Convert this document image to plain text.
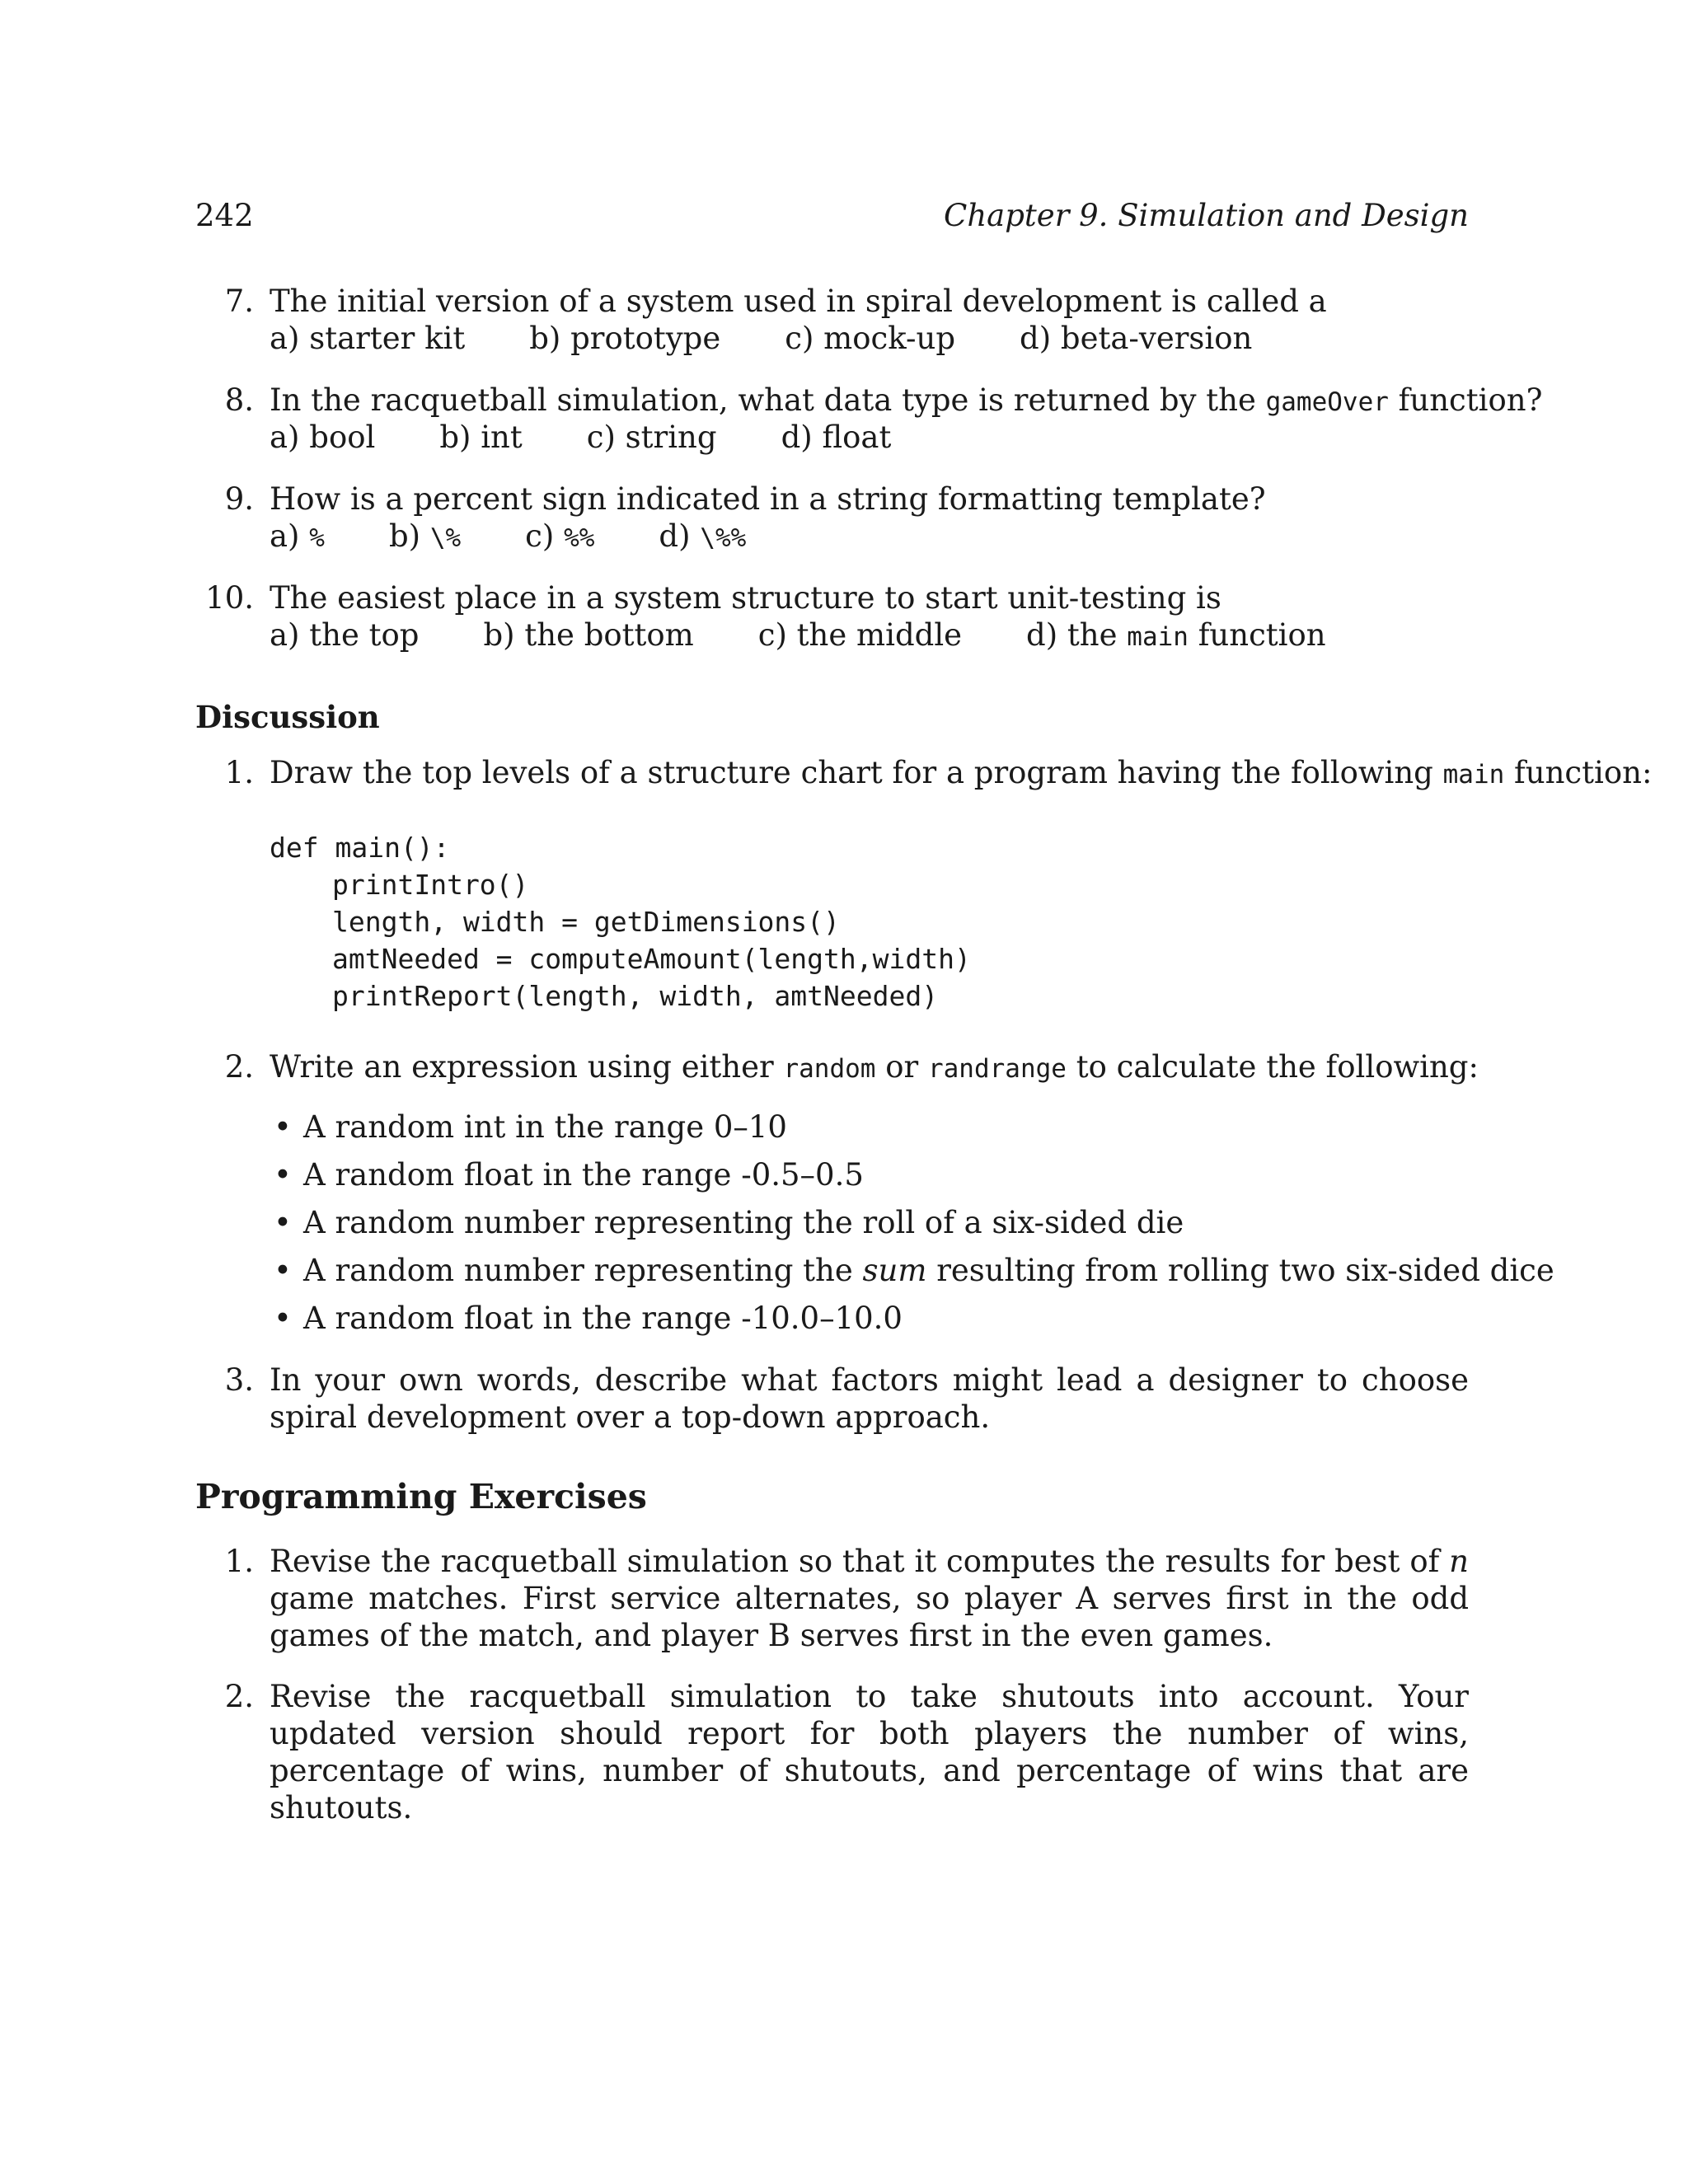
242	Chapter 9. Simulation and Design
7. The initial version of a system used in spiral development is called a
a) starter kit b) prototype c) mock-up d) beta-version
8. In the racquetball simulation, what data type is returned by the gameOver function?
a) bool b) int c) string d) float
9. How is a percent sign indicated in a string formatting template?
a) % b) \% c) %% d) \%%
10. The easiest place in a system structure to start unit-testing is
a) the top b) the bottom c) the middle d) the main function
Discussion
1. Draw the top levels of a structure chart for a program having the following main function:
def main():
printIntro()
length, width = getDimensions()
amtNeeded = computeAmount(length,width)
printReport(length, width, amtNeeded)
2. Write an expression using either random or randrange to calculate the following:
• A random int in the range 0–10
• A random float in the range -0.5–0.5
• A random number representing the roll of a six-sided die
• A random number representing the sum resulting from rolling two six-sided dice
• A random float in the range -10.0–10.0
3. In your own words, describe what factors might lead a designer to choose spiral development over a top-down approach.
Programming Exercises
1. Revise the racquetball simulation so that it computes the results for best of n game matches. First service alternates, so player A serves first in the odd games of the match, and player B serves first in the even games.
2. Revise the racquetball simulation to take shutouts into account. Your updated version should report for both players the number of wins, percentage of wins, number of shutouts, and percentage of wins that are shutouts.
